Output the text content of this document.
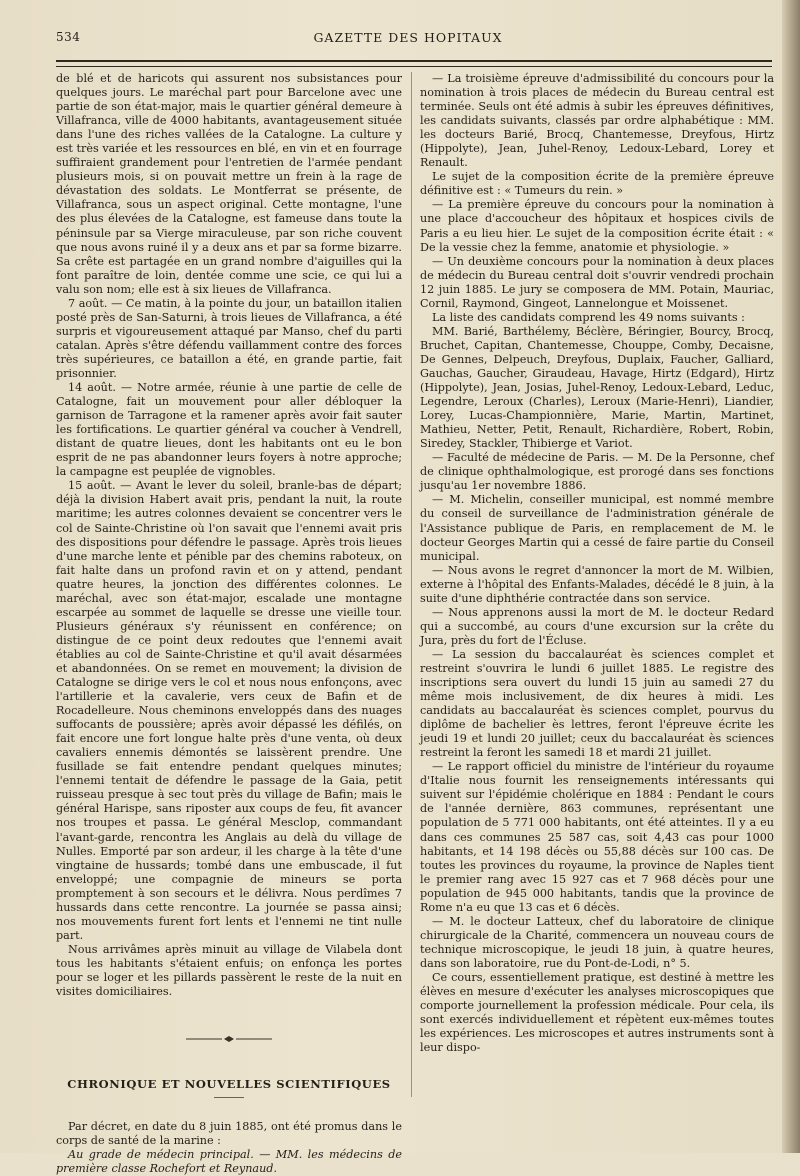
534	GAZETTE DES HOPITAUX

de blé et de haricots qui assurent nos subsistances pour quelques jours. Le maréchal part pour Barcelone avec une partie de son état-major, mais le quartier général demeure à Villafranca, ville de 4000 habitants, avantageusement située dans l'une des riches vallées de la Catalogne. La culture y est très variée et les ressources en blé, en vin et en fourrage suffiraient grandement pour l'entretien de l'armée pendant plusieurs mois, si on pouvait mettre un frein à la rage de dévastation des soldats. Le Montferrat se présente, de Villafranca, sous un aspect original. Cette montagne, l'une des plus élevées de la Catalogne, est fameuse dans toute la péninsule par sa Vierge miraculeuse, par son riche couvent que nous avons ruiné il y a deux ans et par sa forme bizarre. Sa crête est partagée en un grand nombre d'aiguilles qui la font paraître de loin, dentée comme une scie, ce qui lui a valu son nom; elle est à six lieues de Villafranca.

7 août. — Ce matin, à la pointe du jour, un bataillon italien posté près de San-Saturni, à trois lieues de Villafranca, a été surpris et vigoureusement attaqué par Manso, chef du parti catalan. Après s'être défendu vaillamment contre des forces très supérieures, ce bataillon a été, en grande partie, fait prisonnier.

14 août. — Notre armée, réunie à une partie de celle de Catalogne, fait un mouvement pour aller débloquer la garnison de Tarragone et la ramener après avoir fait sauter les fortifications. Le quartier général va coucher à Vendrell, distant de quatre lieues, dont les habitants ont eu le bon esprit de ne pas abandonner leurs foyers à notre approche; la campagne est peuplée de vignobles.

15 août. — Avant le lever du soleil, branle-bas de départ; déjà la division Habert avait pris, pendant la nuit, la route maritime; les autres colonnes devaient se concentrer vers le col de Sainte-Christine où l'on savait que l'ennemi avait pris des dispositions pour défendre le passage. Après trois lieues d'une marche lente et pénible par des chemins raboteux, on fait halte dans un profond ravin et on y attend, pendant quatre heures, la jonction des différentes colonnes. Le maréchal, avec son état-major, escalade une montagne escarpée au sommet de laquelle se dresse une vieille tour. Plusieurs généraux s'y réunissent en conférence; on distingue de ce point deux redoutes que l'ennemi avait établies au col de Sainte-Christine et qu'il avait désarmées et abandonnées. On se remet en mouvement; la division de Catalogne se dirige vers le col et nous nous enfonçons, avec l'artillerie et la cavalerie, vers ceux de Bafin et de Rocadelleure. Nous cheminons enveloppés dans des nuages suffocants de poussière; après avoir dépassé les défilés, on fait encore une fort longue halte près d'une venta, où deux cavaliers ennemis démontés se laissèrent prendre. Une fusillade se fait entendre pendant quelques minutes; l'ennemi tentait de défendre le passage de la Gaia, petit ruisseau presque à sec tout près du village de Bafin; mais le général Harispe, sans riposter aux coups de feu, fit avancer nos troupes et passa. Le général Mesclop, commandant l'avant-garde, rencontra les Anglais au delà du village de Nulles. Emporté par son ardeur, il les charge à la tête d'une vingtaine de hussards; tombé dans une embuscade, il fut enveloppé; une compagnie de mineurs se porta promptement à son secours et le délivra. Nous perdîmes 7 hussards dans cette rencontre. La journée se passa ainsi; nos mouvements furent fort lents et l'ennemi ne tint nulle part.

Nous arrivâmes après minuit au village de Vilabela dont tous les habitants s'étaient enfuis; on enfonça les portes pour se loger et les pillards passèrent le reste de la nuit en visites domiciliaires.

CHRONIQUE ET NOUVELLES SCIENTIFIQUES

Par décret, en date du 8 juin 1885, ont été promus dans le corps de santé de la marine :

Au grade de médecin principal. — MM. les médecins de première classe Rochefort et Reynaud.

— La troisième épreuve d'admissibilité du concours pour la nomination à trois places de médecin du Bureau central est terminée. Seuls ont été admis à subir les épreuves définitives, les candidats suivants, classés par ordre alphabétique : MM. les docteurs Barié, Brocq, Chantemesse, Dreyfous, Hirtz (Hippolyte), Jean, Juhel-Renoy, Ledoux-Lebard, Lorey et Renault.

Le sujet de la composition écrite de la première épreuve définitive est : « Tumeurs du rein. »

— La première épreuve du concours pour la nomination à une place d'accoucheur des hôpitaux et hospices civils de Paris a eu lieu hier. Le sujet de la composition écrite était : « De la vessie chez la femme, anatomie et physiologie. »

— Un deuxième concours pour la nomination à deux places de médecin du Bureau central doit s'ouvrir vendredi prochain 12 juin 1885. Le jury se composera de MM. Potain, Mauriac, Cornil, Raymond, Gingeot, Lannelongue et Moissenet.

La liste des candidats comprend les 49 noms suivants :

MM. Barié, Barthélemy, Béclère, Béringier, Bourcy, Brocq, Bruchet, Capitan, Chantemesse, Chouppe, Comby, Decaisne, De Gennes, Delpeuch, Dreyfous, Duplaix, Faucher, Galliard, Gauchas, Gaucher, Giraudeau, Havage, Hirtz (Edgard), Hirtz (Hippolyte), Jean, Josias, Juhel-Renoy, Ledoux-Lebard, Leduc, Legendre, Leroux (Charles), Leroux (Marie-Henri), Liandier, Lorey, Lucas-Championnière, Marie, Martin, Martinet, Mathieu, Netter, Petit, Renault, Richardière, Robert, Robin, Siredey, Stackler, Thibierge et Variot.

— Faculté de médecine de Paris. — M. De la Personne, chef de clinique ophthalmologique, est prorogé dans ses fonctions jusqu'au 1er novembre 1886.

— M. Michelin, conseiller municipal, est nommé membre du conseil de surveillance de l'administration générale de l'Assistance publique de Paris, en remplacement de M. le docteur Georges Martin qui a cessé de faire partie du Conseil municipal.

— Nous avons le regret d'annoncer la mort de M. Wilbien, externe à l'hôpital des Enfants-Malades, décédé le 8 juin, à la suite d'une diphthérie contractée dans son service.

— Nous apprenons aussi la mort de M. le docteur Redard qui a succombé, au cours d'une excursion sur la crête du Jura, près du fort de l'Écluse.

— La session du baccalauréat ès sciences complet et restreint s'ouvrira le lundi 6 juillet 1885. Le registre des inscriptions sera ouvert du lundi 15 juin au samedi 27 du même mois inclusivement, de dix heures à midi. Les candidats au baccalauréat ès sciences complet, pourvus du diplôme de bachelier ès lettres, feront l'épreuve écrite les jeudi 19 et lundi 20 juillet; ceux du baccalauréat ès sciences restreint la feront les samedi 18 et mardi 21 juillet.

— Le rapport officiel du ministre de l'intérieur du royaume d'Italie nous fournit les renseignements intéressants qui suivent sur l'épidémie cholérique en 1884 : Pendant le cours de l'année dernière, 863 communes, représentant une population de 5 771 000 habitants, ont été atteintes. Il y a eu dans ces communes 25 587 cas, soit 4,43 cas pour 1000 habitants, et 14 198 décès ou 55,88 décès sur 100 cas. De toutes les provinces du royaume, la province de Naples tient le premier rang avec 15 927 cas et 7 968 décès pour une population de 945 000 habitants, tandis que la province de Rome n'a eu que 13 cas et 6 décès.

— M. le docteur Latteux, chef du laboratoire de clinique chirurgicale de la Charité, commencera un nouveau cours de technique microscopique, le jeudi 18 juin, à quatre heures, dans son laboratoire, rue du Pont-de-Lodi, n° 5.

Ce cours, essentiellement pratique, est destiné à mettre les élèves en mesure d'exécuter les analyses microscopiques que comporte journellement la profession médicale. Pour cela, ils sont exercés individuellement et répètent eux-mêmes toutes les expériences. Les microscopes et autres instruments sont à leur dispo-
